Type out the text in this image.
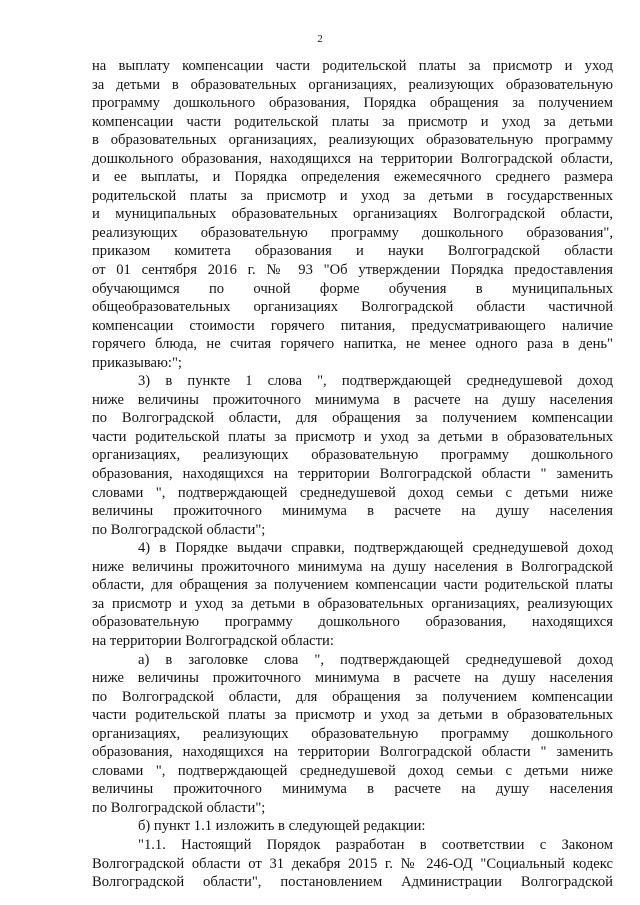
2
на выплату компенсации части родительской платы за присмотр и уход
за детьми в образовательных организациях, реализующих образовательную
программу дошкольного образования, Порядка обращения за получением
компенсации части родительской платы за присмотр и уход за детьми
в образовательных организациях, реализующих образовательную программу
дошкольного образования, находящихся на территории Волгоградской области,
и ее выплаты, и Порядка определения ежемесячного среднего размера
родительской платы за присмотр и уход за детьми в государственных
и муниципальных образовательных организациях Волгоградской области,
реализующих образовательную программу дошкольного образования",
приказом комитета образования и науки Волгоградской области
от 01 сентября 2016 г. № 93 "Об утверждении Порядка предоставления
обучающимся по очной форме обучения в муниципальных
общеобразовательных организациях Волгоградской области частичной
компенсации стоимости горячего питания, предусматривающего наличие
горячего блюда, не считая горячего напитка, не менее одного раза в день"
приказываю:";
3) в пункте 1 слова ", подтверждающей среднедушевой доход
ниже величины прожиточного минимума в расчете на душу населения
по Волгоградской области, для обращения за получением компенсации
части родительской платы за присмотр и уход за детьми в образовательных
организациях, реализующих образовательную программу дошкольного
образования, находящихся на территории Волгоградской области " заменить
словами ", подтверждающей среднедушевой доход семьи с детьми ниже
величины прожиточного минимума в расчете на душу населения
по Волгоградской области";
4) в Порядке выдачи справки, подтверждающей среднедушевой доход
ниже величины прожиточного минимума на душу населения в Волгоградской
области, для обращения за получением компенсации части родительской платы
за присмотр и уход за детьми в образовательных организациях, реализующих
образовательную программу дошкольного образования, находящихся
на территории Волгоградской области:
а) в заголовке слова ", подтверждающей среднедушевой доход
ниже величины прожиточного минимума в расчете на душу населения
по Волгоградской области, для обращения за получением компенсации
части родительской платы за присмотр и уход за детьми в образовательных
организациях, реализующих образовательную программу дошкольного
образования, находящихся на территории Волгоградской области " заменить
словами ", подтверждающей среднедушевой доход семьи с детьми ниже
величины прожиточного минимума в расчете на душу населения
по Волгоградской области";
б) пункт 1.1 изложить в следующей редакции:
"1.1. Настоящий Порядок разработан в соответствии с Законом
Волгоградской области от 31 декабря 2015 г. № 246-ОД "Социальный кодекс
Волгоградской области", постановлением Администрации Волгоградской
